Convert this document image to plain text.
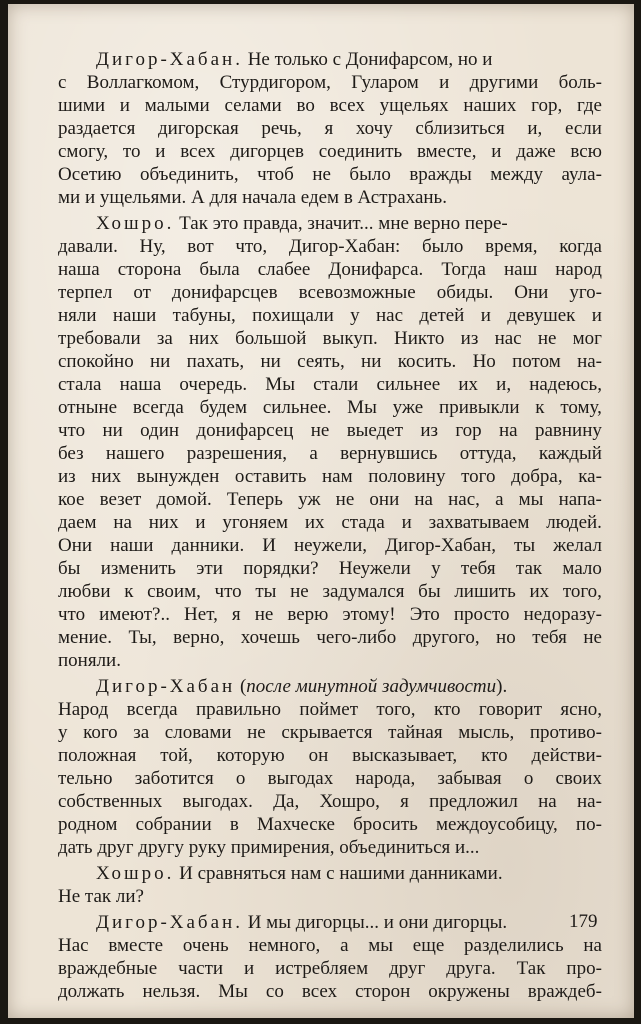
Дигор-Хабан. Не только с Донифарсом, но и
с Воллагкомом, Стурдигором, Гуларом и другими боль-
шими и малыми селами во всех ущельях наших гор, где
раздается дигорская речь, я хочу сблизиться и, если
смогу, то и всех дигорцев соединить вместе, и даже всю
Осетию объединить, чтоб не было вражды между аула-
ми и ущельями. А для начала едем в Астрахань.
Хошро. Так это правда, значит... мне верно пере-
давали. Ну, вот что, Дигор-Хабан: было время, когда
наша сторона была слабее Донифарса. Тогда наш народ
терпел от донифарсцев всевозможные обиды. Они уго-
няли наши табуны, похищали у нас детей и девушек и
требовали за них большой выкуп. Никто из нас не мог
спокойно ни пахать, ни сеять, ни косить. Но потом на-
стала наша очередь. Мы стали сильнее их и, надеюсь,
отныне всегда будем сильнее. Мы уже привыкли к тому,
что ни один донифарсец не выедет из гор на равнину
без нашего разрешения, а вернувшись оттуда, каждый
из них вынужден оставить нам половину того добра, ка-
кое везет домой. Теперь уж не они на нас, а мы напа-
даем на них и угоняем их стада и захватываем людей.
Они наши данники. И неужели, Дигор-Хабан, ты желал
бы изменить эти порядки? Неужели у тебя так мало
любви к своим, что ты не задумался бы лишить их того,
что имеют?.. Нет, я не верю этому! Это просто недоразу-
мение. Ты, верно, хочешь чего-либо другого, но тебя не
поняли.
Дигор-Хабан (после минутной задумчивости).
Народ всегда правильно поймет того, кто говорит ясно,
у кого за словами не скрывается тайная мысль, противо-
положная той, которую он высказывает, кто действи-
тельно заботится о выгодах народа, забывая о своих
собственных выгодах. Да, Хошро, я предложил на на-
родном собрании в Махческе бросить междоусобицу, по-
дать друг другу руку примирения, объединиться и...
Хошро. И сравняться нам с нашими данниками.
Не так ли?
Дигор-Хабан. И мы дигорцы... и они дигорцы.
Нас вместе очень немного, а мы еще разделились на
враждебные части и истребляем друг друга. Так про-
должать нельзя. Мы со всех сторон окружены враждеб-
179
